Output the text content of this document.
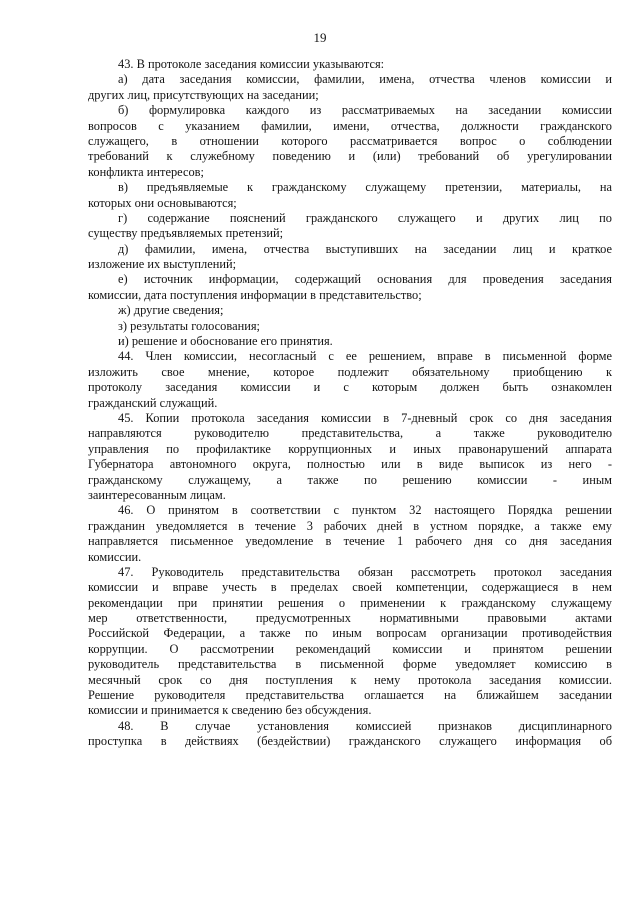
19
43. В протоколе заседания комиссии указываются:
а) дата заседания комиссии, фамилии, имена, отчества членов комиссии и
других лиц, присутствующих на заседании;
б) формулировка каждого из рассматриваемых на заседании комиссии
вопросов с указанием фамилии, имени, отчества, должности гражданского
служащего, в отношении которого рассматривается вопрос о соблюдении
требований к служебному поведению и (или) требований об урегулировании
конфликта интересов;
в) предъявляемые к гражданскому служащему претензии, материалы, на
которых они основываются;
г) содержание пояснений гражданского служащего и других лиц по
существу предъявляемых претензий;
д) фамилии, имена, отчества выступивших на заседании лиц и краткое
изложение их выступлений;
е) источник информации, содержащий основания для проведения заседания
комиссии, дата поступления информации в представительство;
ж) другие сведения;
з) результаты голосования;
и) решение и обоснование его принятия.
44. Член комиссии, несогласный с ее решением, вправе в письменной форме
изложить свое мнение, которое подлежит обязательному приобщению к
протоколу заседания комиссии и с которым должен быть ознакомлен
гражданский служащий.
45. Копии протокола заседания комиссии в 7-дневный срок со дня заседания
направляются руководителю представительства, а также руководителю
управления по профилактике коррупционных и иных правонарушений аппарата
Губернатора автономного округа, полностью или в виде выписок из него -
гражданскому служащему, а также по решению комиссии - иным
заинтересованным лицам.
46. О принятом в соответствии с пунктом 32 настоящего Порядка решении
гражданин уведомляется в течение 3 рабочих дней в устном порядке, а также ему
направляется письменное уведомление в течение 1 рабочего дня со дня заседания
комиссии.
47. Руководитель представительства обязан рассмотреть протокол заседания
комиссии и вправе учесть в пределах своей компетенции, содержащиеся в нем
рекомендации при принятии решения о применении к гражданскому служащему
мер ответственности, предусмотренных нормативными правовыми актами
Российской Федерации, а также по иным вопросам организации противодействия
коррупции. О рассмотрении рекомендаций комиссии и принятом решении
руководитель представительства в письменной форме уведомляет комиссию в
месячный срок со дня поступления к нему протокола заседания комиссии.
Решение руководителя представительства оглашается на ближайшем заседании
комиссии и принимается к сведению без обсуждения.
48. В случае установления комиссией признаков дисциплинарного
проступка в действиях (бездействии) гражданского служащего информация об
